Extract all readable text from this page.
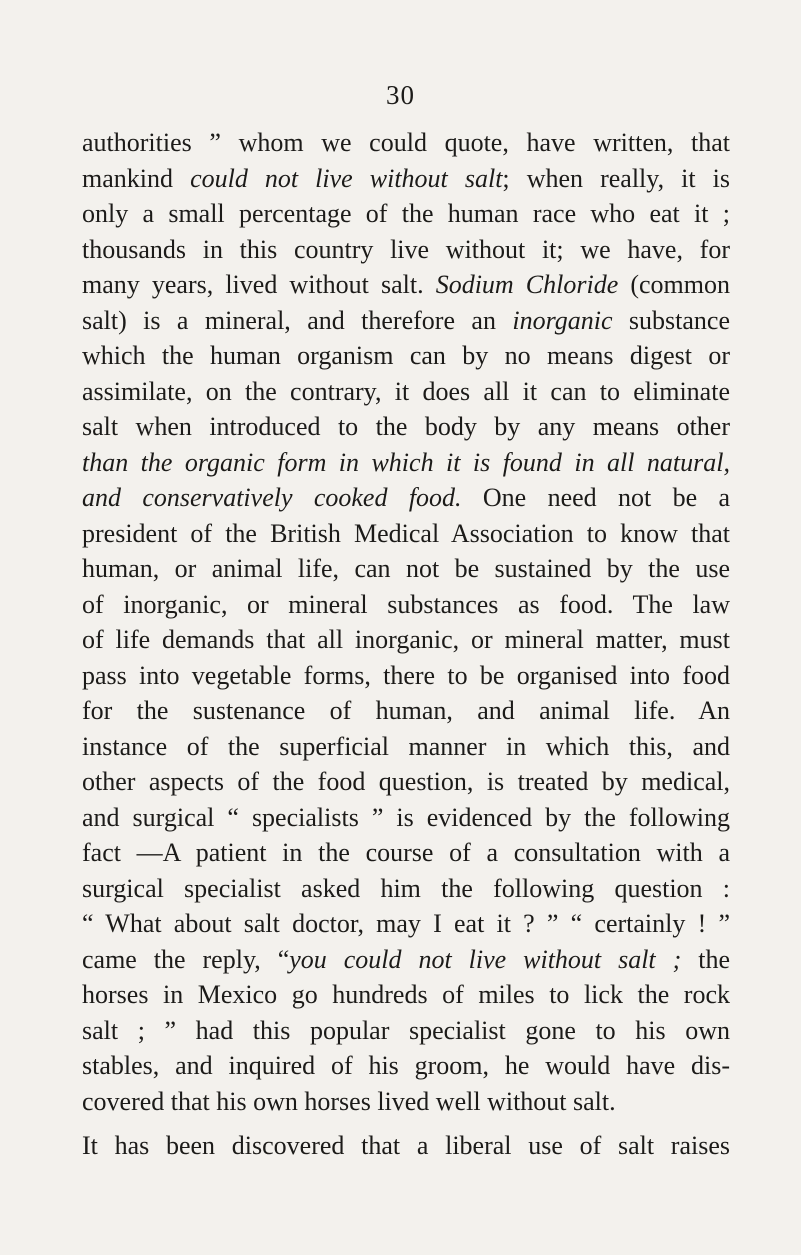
30
authorities ” whom we could quote, have written, that
mankind could not live without salt; when really, it is
only a small percentage of the human race who eat it ;
thousands in this country live without it; we have, for
many years, lived without salt. Sodium Chloride (common
salt) is a mineral, and therefore an inorganic substance
which the human organism can by no means digest or
assimilate, on the contrary, it does all it can to eliminate
salt when introduced to the body by any means other
than the organic form in which it is found in all natural,
and conservatively cooked food. One need not be a
president of the British Medical Association to know that
human, or animal life, can not be sustained by the use
of inorganic, or mineral substances as food. The law
of life demands that all inorganic, or mineral matter, must
pass into vegetable forms, there to be organised into food
for the sustenance of human, and animal life. An
instance of the superficial manner in which this, and
other aspects of the food question, is treated by medical,
and surgical “ specialists ” is evidenced by the following
fact —A patient in the course of a consultation with a
surgical specialist asked him the following question :
“ What about salt doctor, may I eat it ? ” “ certainly ! ”
came the reply, “you could not live without salt ; the
horses in Mexico go hundreds of miles to lick the rock
salt ; ” had this popular specialist gone to his own
stables, and inquired of his groom, he would have dis-
covered that his own horses lived well without salt.
It has been discovered that a liberal use of salt raises
